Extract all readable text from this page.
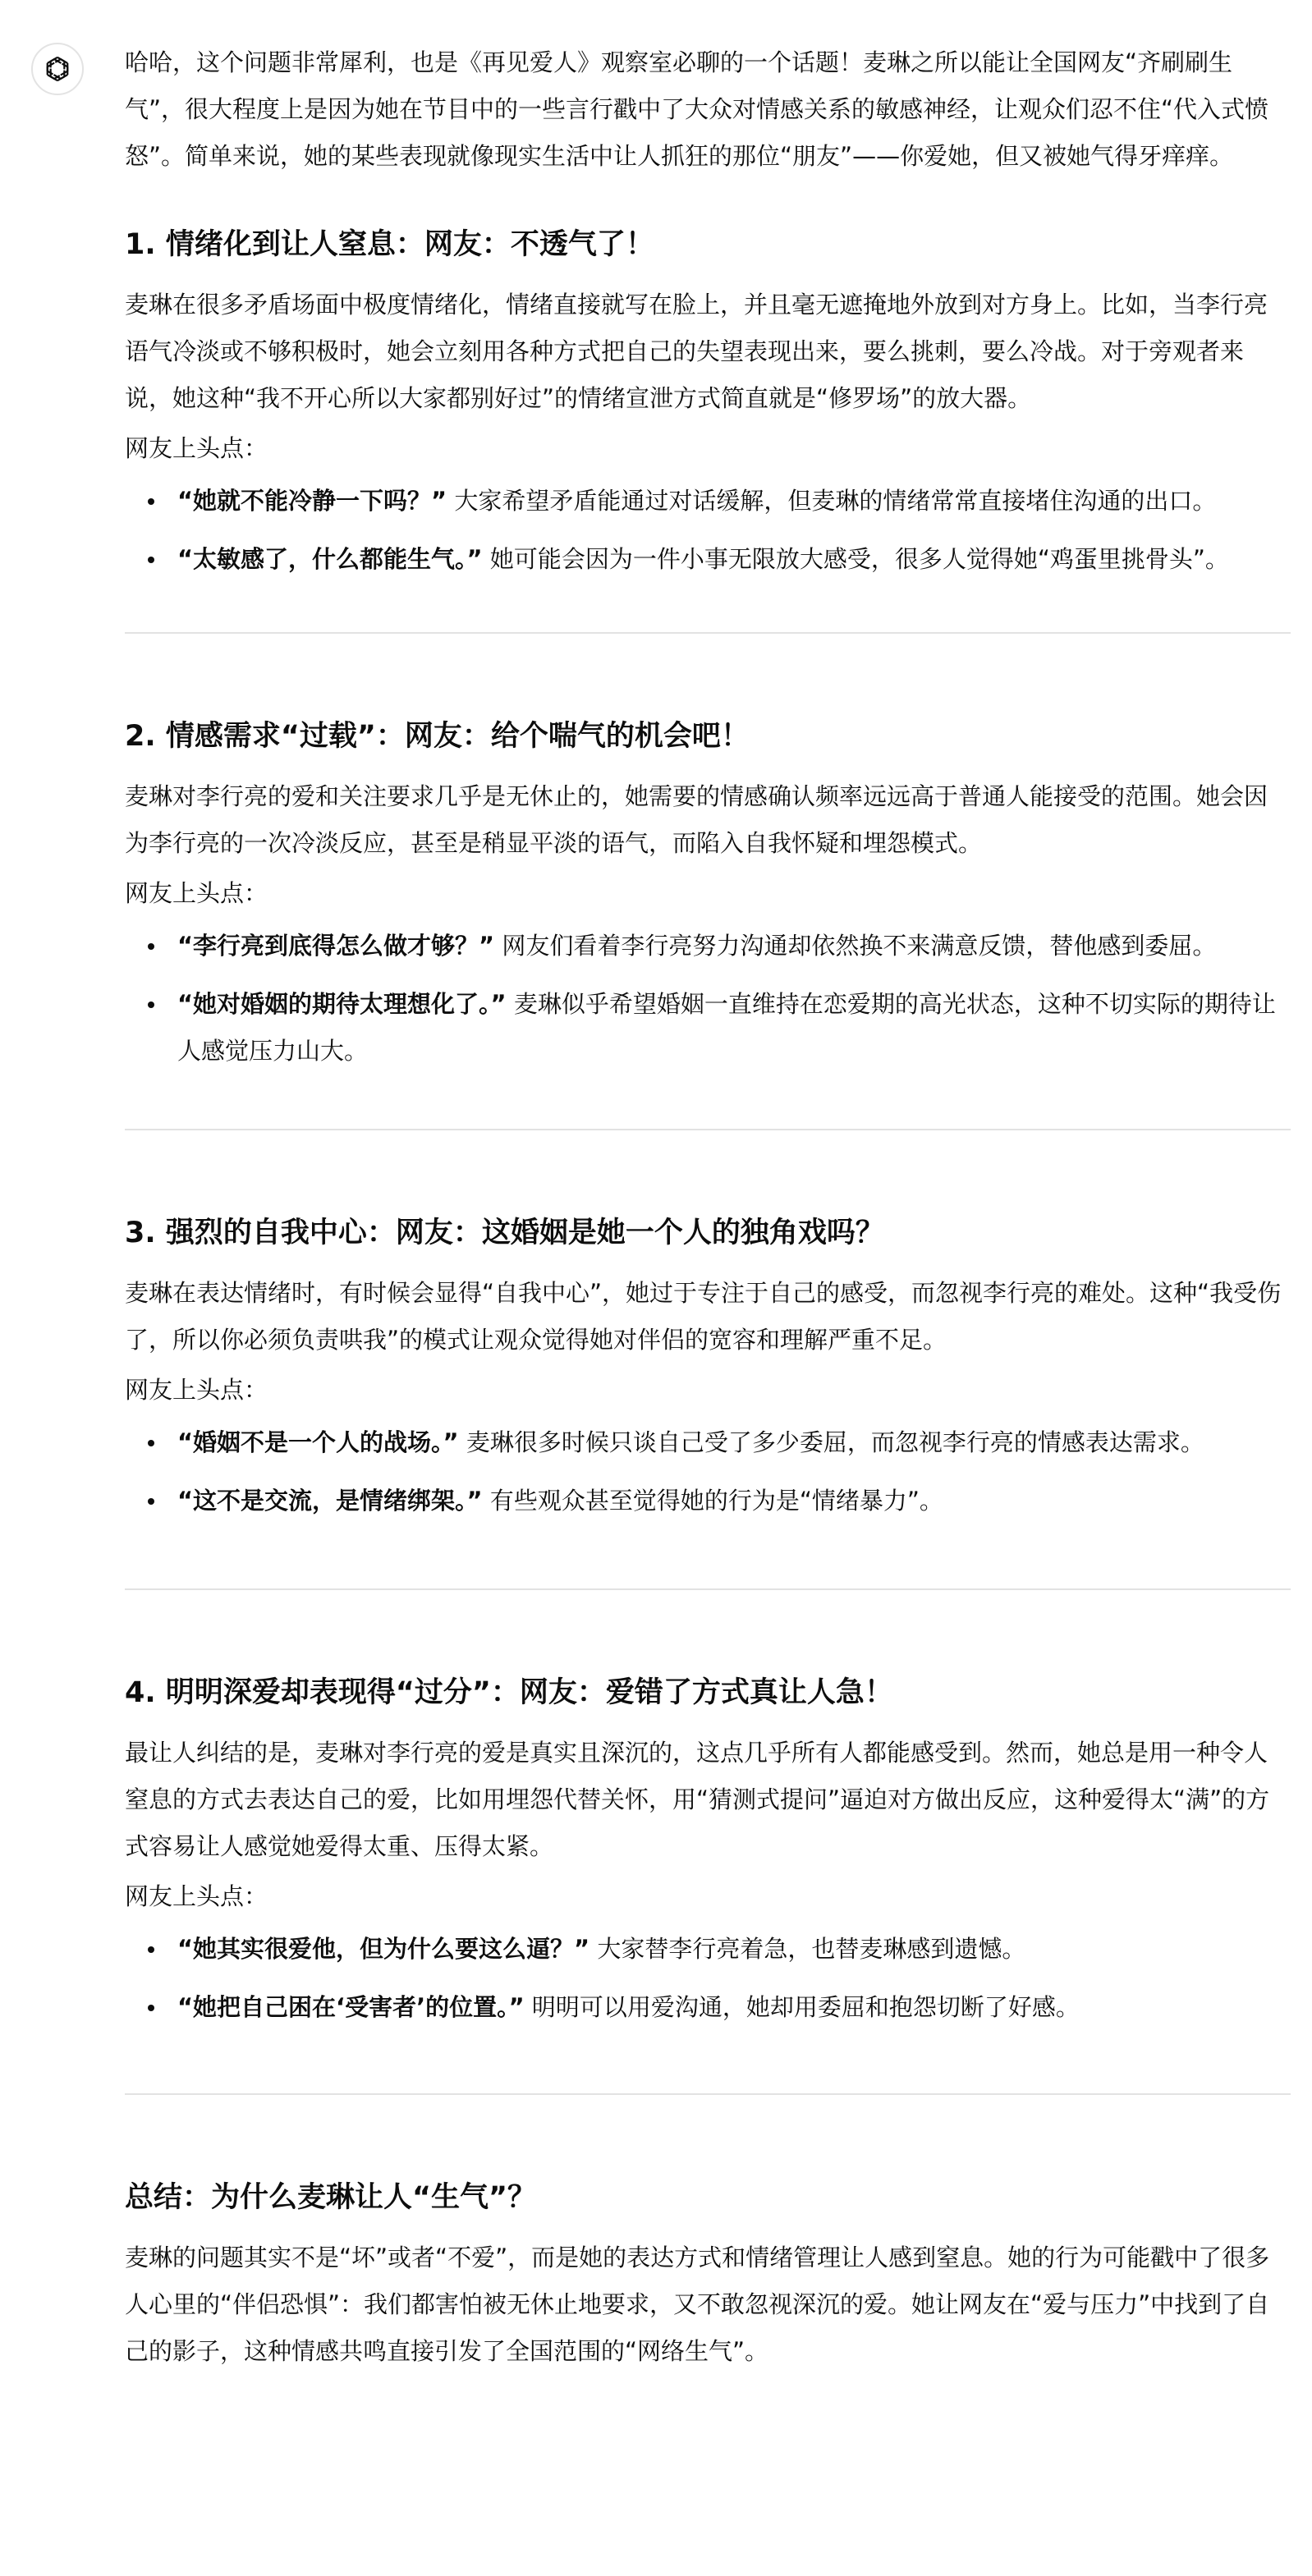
哈哈，这个问题非常犀利，也是《再见爱人》观察室必聊的一个话题！麦琳之所以能让全国网友“齐刷刷生气”，很大程度上是因为她在节目中的一些言行戳中了大众对情感关系的敏感神经，让观众们忍不住“代入式愤怒”。简单来说，她的某些表现就像现实生活中让人抓狂的那位“朋友”——你爱她，但又被她气得牙痒痒。

1. 情绪化到让人窒息：网友：不透气了！

麦琳在很多矛盾场面中极度情绪化，情绪直接就写在脸上，并且毫无遮掩地外放到对方身上。比如，当李行亮语气冷淡或不够积极时，她会立刻用各种方式把自己的失望表现出来，要么挑刺，要么冷战。对于旁观者来说，她这种“我不开心所以大家都别好过”的情绪宣泄方式简直就是“修罗场”的放大器。

网友上头点：

“她就不能冷静一下吗？” 大家希望矛盾能通过对话缓解，但麦琳的情绪常常直接堵住沟通的出口。
“太敏感了，什么都能生气。” 她可能会因为一件小事无限放大感受，很多人觉得她“鸡蛋里挑骨头”。
2. 情感需求“过载”：网友：给个喘气的机会吧！

麦琳对李行亮的爱和关注要求几乎是无休止的，她需要的情感确认频率远远高于普通人能接受的范围。她会因为李行亮的一次冷淡反应，甚至是稍显平淡的语气，而陷入自我怀疑和埋怨模式。

网友上头点：

“李行亮到底得怎么做才够？” 网友们看着李行亮努力沟通却依然换不来满意反馈，替他感到委屈。
“她对婚姻的期待太理想化了。” 麦琳似乎希望婚姻一直维持在恋爱期的高光状态，这种不切实际的期待让人感觉压力山大。
3. 强烈的自我中心：网友：这婚姻是她一个人的独角戏吗？

麦琳在表达情绪时，有时候会显得“自我中心”，她过于专注于自己的感受，而忽视李行亮的难处。这种“我受伤了，所以你必须负责哄我”的模式让观众觉得她对伴侣的宽容和理解严重不足。

网友上头点：

“婚姻不是一个人的战场。” 麦琳很多时候只谈自己受了多少委屈，而忽视李行亮的情感表达需求。
“这不是交流，是情绪绑架。” 有些观众甚至觉得她的行为是“情绪暴力”。
4. 明明深爱却表现得“过分”：网友：爱错了方式真让人急！

最让人纠结的是，麦琳对李行亮的爱是真实且深沉的，这点几乎所有人都能感受到。然而，她总是用一种令人窒息的方式去表达自己的爱，比如用埋怨代替关怀，用“猜测式提问”逼迫对方做出反应，这种爱得太“满”的方式容易让人感觉她爱得太重、压得太紧。

网友上头点：

“她其实很爱他，但为什么要这么逼？” 大家替李行亮着急，也替麦琳感到遗憾。
“她把自己困在‘受害者’的位置。” 明明可以用爱沟通，她却用委屈和抱怨切断了好感。
总结：为什么麦琳让人“生气”？

麦琳的问题其实不是“坏”或者“不爱”，而是她的表达方式和情绪管理让人感到窒息。她的行为可能戳中了很多人心里的“伴侣恐惧”：我们都害怕被无休止地要求，又不敢忽视深沉的爱。她让网友在“爱与压力”中找到了自己的影子，这种情感共鸣直接引发了全国范围的“网络生气”。
